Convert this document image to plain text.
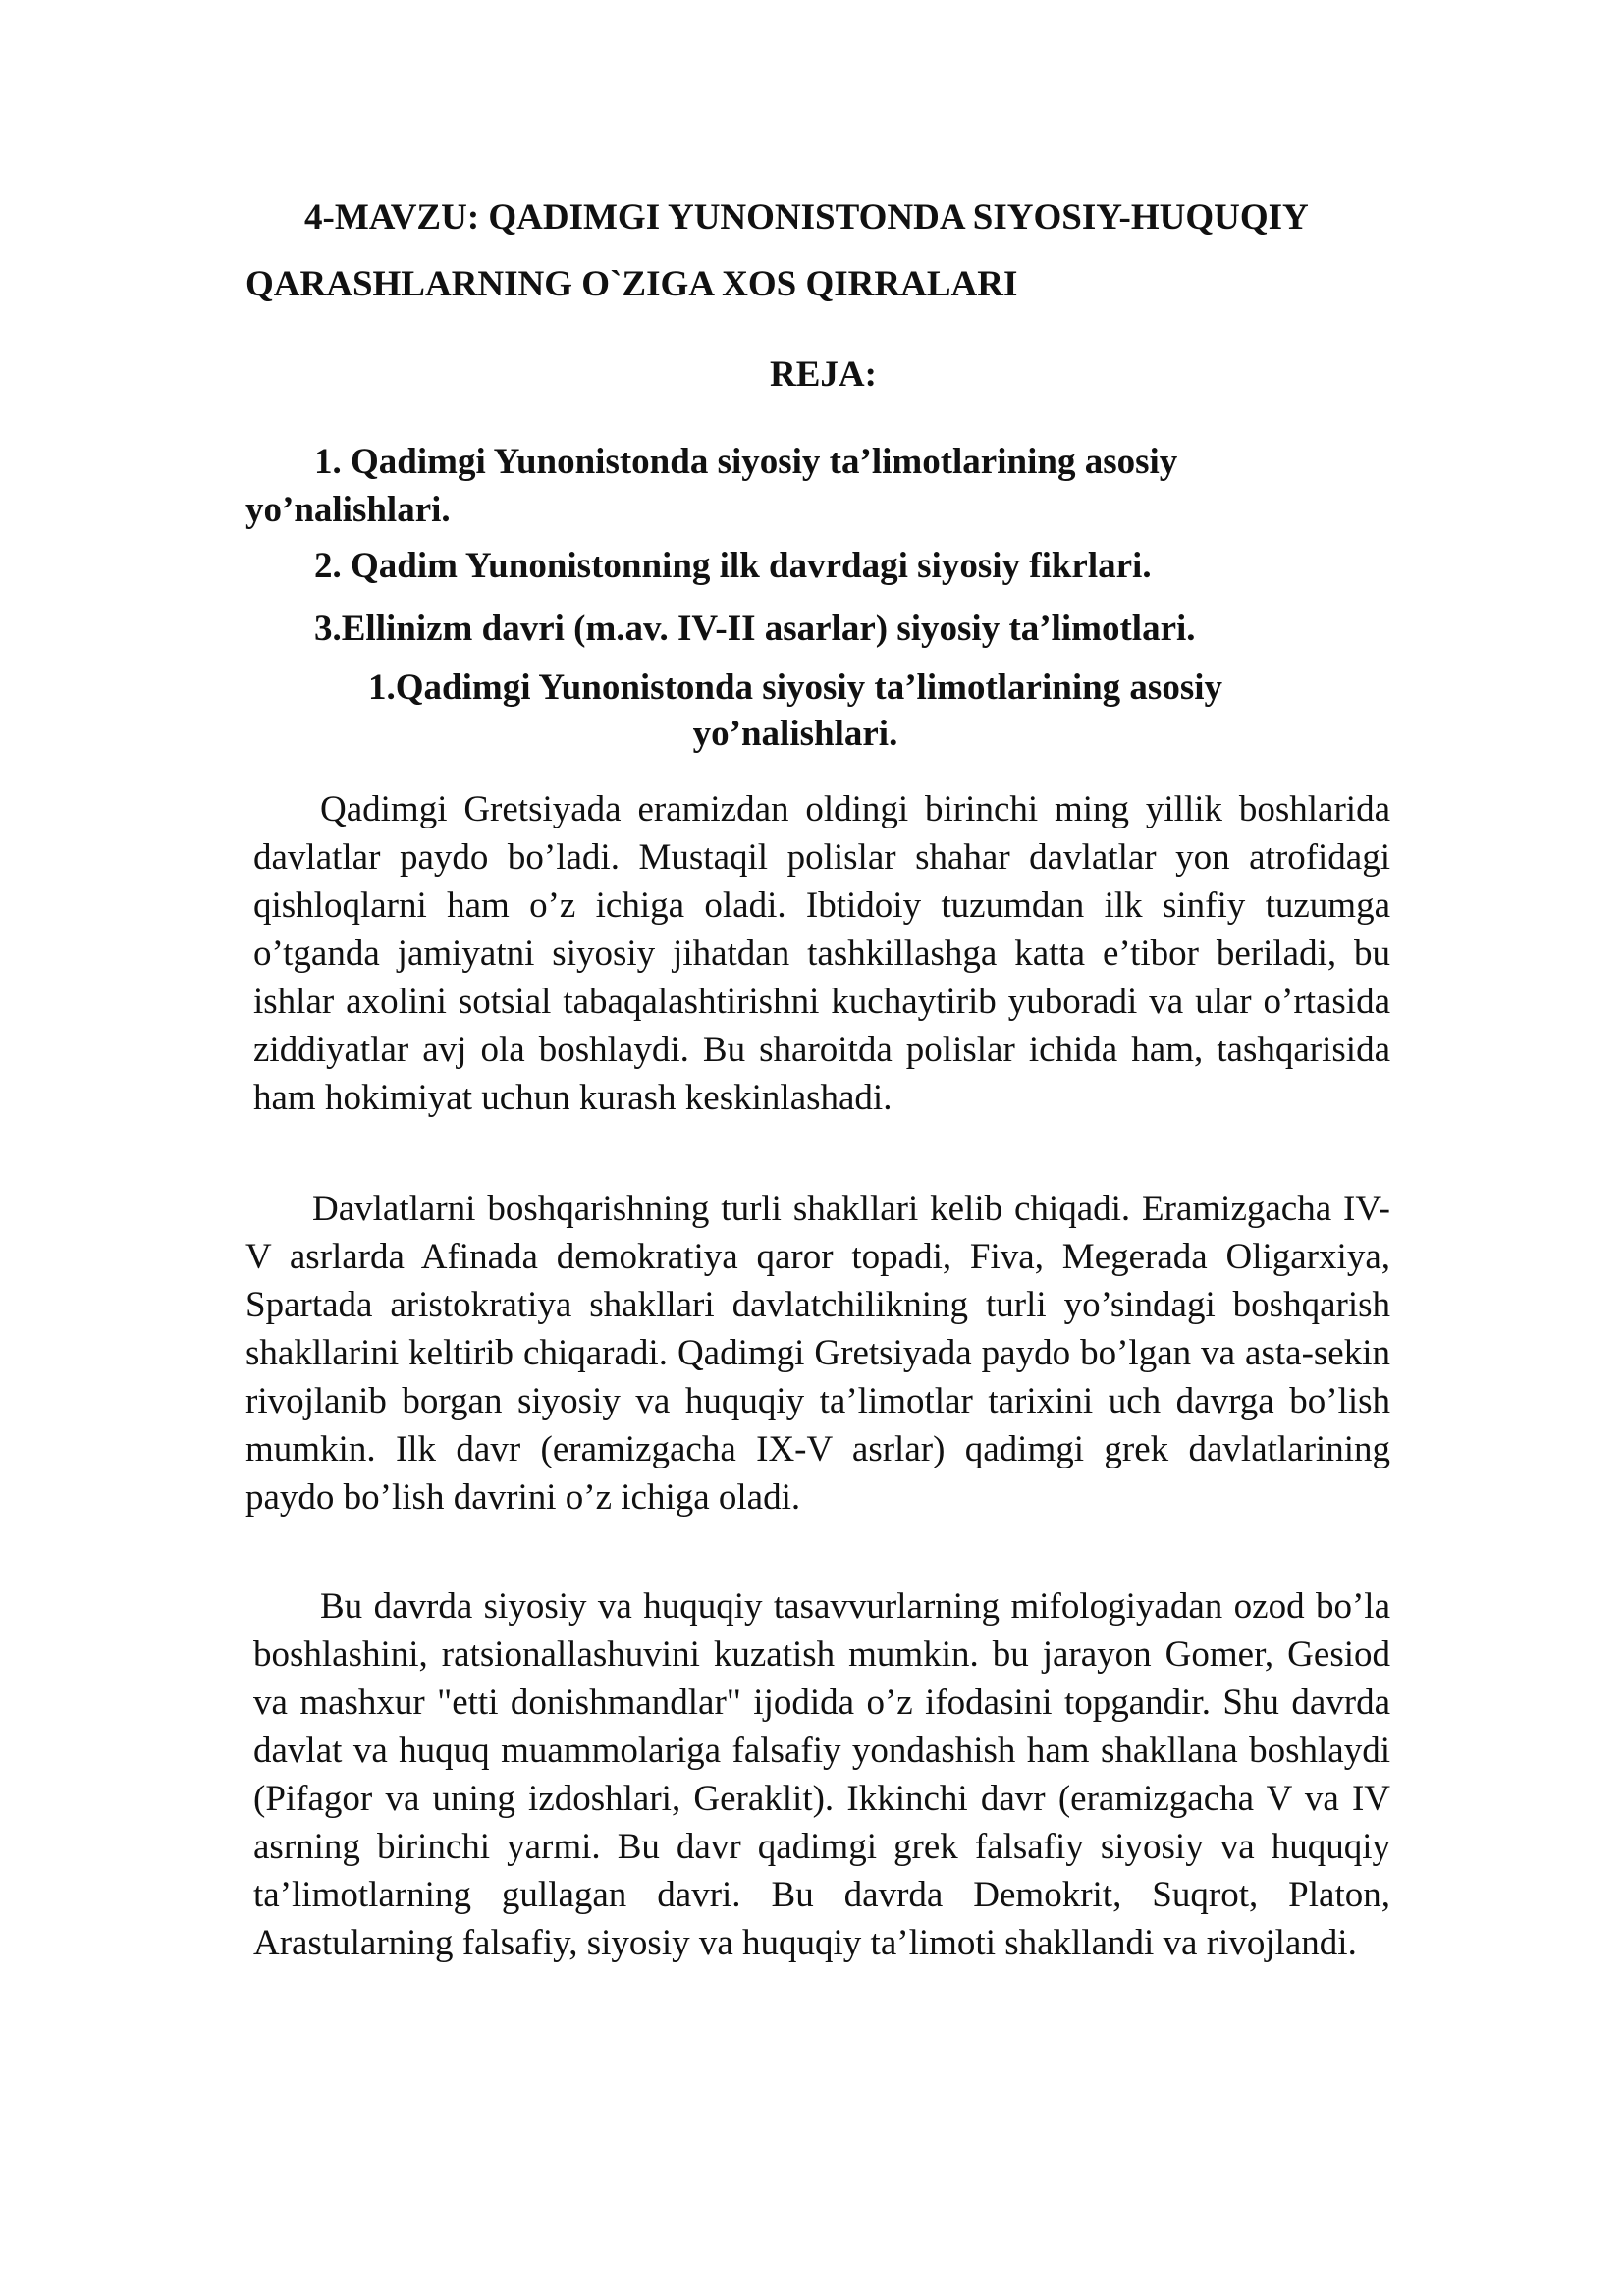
4-MAVZU: QADIMGI YUNONISTONDA SIYOSIY-HUQUQIY
QARASHLARNING O`ZIGA XOS QIRRALARI
REJA:
1. Qadimgi Yunonistonda siyosiy ta’limotlarining asosiy
yo’nalishlari.
2. Qadim Yunonistonning ilk davrdagi siyosiy fikrlari.
3.Ellinizm davri (m.av. IV-II asarlar) siyosiy ta’limotlari.
1.Qadimgi Yunonistonda siyosiy ta’limotlarining asosiy
yo’nalishlari.

Qadimgi Gretsiyada eramizdan oldingi birinchi ming yillik boshlarida davlatlar paydo bo’ladi. Mustaqil polislar shahar davlatlar yon atrofidagi qishloqlarni ham o’z ichiga oladi. Ibtidoiy tuzumdan ilk sinfiy tuzumga o’tganda jamiyatni siyosiy jihatdan tashkillashga katta e’tibor beriladi, bu ishlar axolini sotsial tabaqalashtirishni kuchaytirib yuboradi va ular o’rtasida ziddiyatlar avj ola boshlaydi. Bu sharoitda polislar ichida ham, tashqarisida ham hokimiyat uchun kurash keskinlashadi.

Davlatlarni boshqarishning turli shakllari kelib chiqadi. Eramizgacha IV-V asrlarda Afinada demokratiya qaror topadi, Fiva, Megerada Oligarxiya, Spartada aristokratiya shakllari davlatchilikning turli yo’sindagi boshqarish shakllarini keltirib chiqaradi. Qadimgi Gretsiyada paydo bo’lgan va asta-sekin rivojlanib borgan siyosiy va huquqiy ta’limotlar tarixini uch davrga bo’lish mumkin. Ilk davr (eramizgacha IX-V asrlar) qadimgi grek davlatlarining paydo bo’lish davrini o’z ichiga oladi.

Bu davrda siyosiy va huquqiy tasavvurlarning mifologiyadan ozod bo’la boshlashini, ratsionallashuvini kuzatish mumkin. bu jarayon Gomer, Gesiod va mashxur "etti donishmandlar" ijodida o’z ifodasini topgandir. Shu davrda davlat va huquq muammolariga falsafiy yondashish ham shakllana boshlaydi (Pifagor va uning izdoshlari, Geraklit). Ikkinchi davr (eramizgacha V va IV asrning birinchi yarmi. Bu davr qadimgi grek falsafiy siyosiy va huquqiy ta’limotlarning gullagan davri. Bu davrda Demokrit, Suqrot, Platon, Arastularning falsafiy, siyosiy va huquqiy ta’limoti shakllandi va rivojlandi.
